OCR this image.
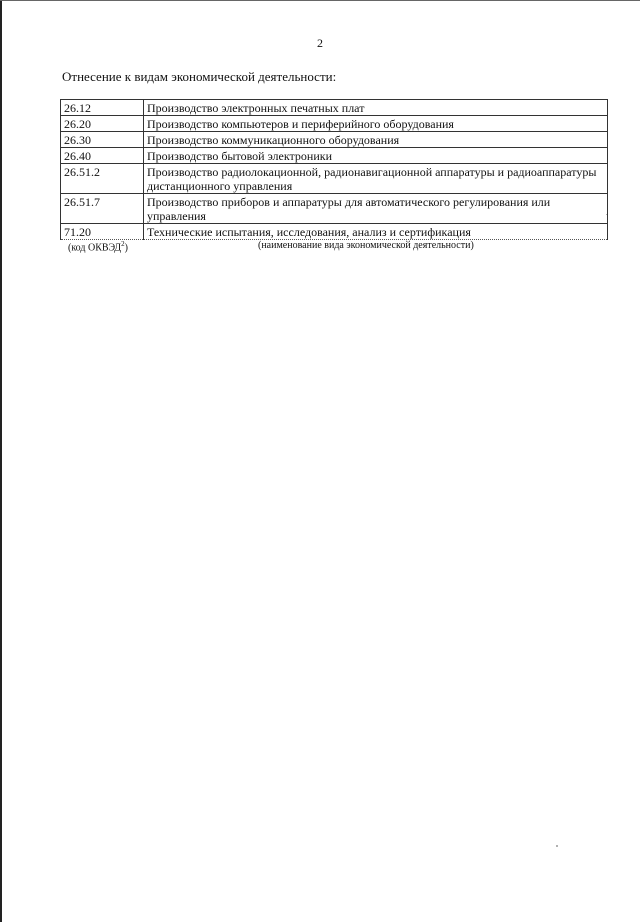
2
Отнесение к видам экономической деятельности:
26.12	Производство электронных печатных плат
26.20	Производство компьютеров и периферийного оборудования
26.30	Производство коммуникационного оборудования
26.40	Производство бытовой электроники
26.51.2	Производство радиолокационной, радионавигационной аппаратуры и радиоаппаратуры дистанционного управления
26.51.7	Производство приборов и аппаратуры для автоматического регулирования или управления
71.20	Технические испытания, исследования, анализ и сертификация
(код ОКВЭД$^2$)	(наименование вида экономической деятельности)
